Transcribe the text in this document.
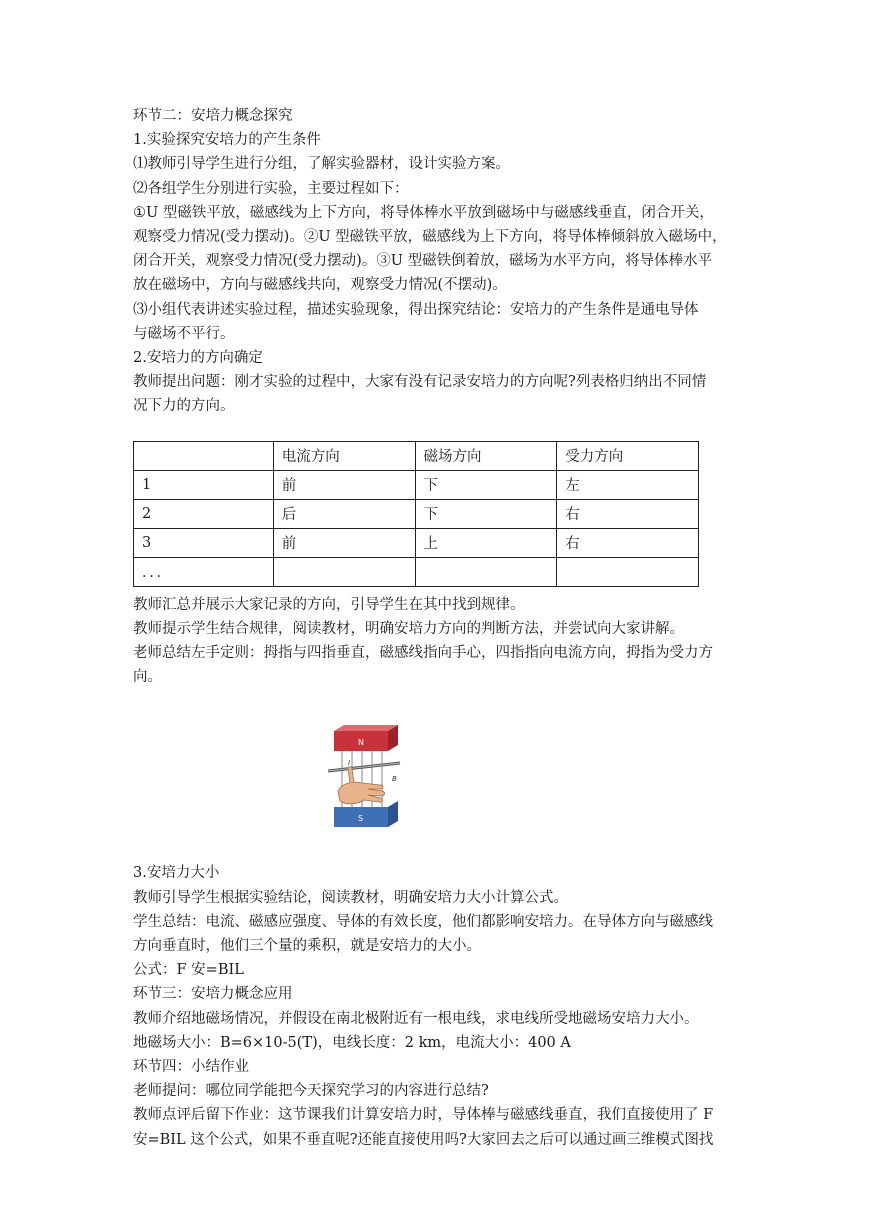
环节二：安培力概念探究
1.实验探究安培力的产生条件
⑴教师引导学生进行分组，了解实验器材，设计实验方案。
⑵各组学生分别进行实验，主要过程如下：
①U 型磁铁平放，磁感线为上下方向，将导体棒水平放到磁场中与磁感线垂直，闭合开关，
观察受力情况(受力摆动)。②U 型磁铁平放，磁感线为上下方向，将导体棒倾斜放入磁场中，
闭合开关，观察受力情况(受力摆动)。③U 型磁铁倒着放，磁场为水平方向，将导体棒水平
放在磁场中，方向与磁感线共向，观察受力情况(不摆动)。
⑶小组代表讲述实验过程，描述实验现象，得出探究结论：安培力的产生条件是通电导体
与磁场不平行。
2.安培力的方向确定
教师提出问题：刚才实验的过程中，大家有没有记录安培力的方向呢?列表格归纳出不同情
况下力的方向。
	电流方向	磁场方向	受力方向
1	前	下	左
2	后	下	右
3	前	上	右
．．．			
教师汇总并展示大家记录的方向，引导学生在其中找到规律。
教师提示学生结合规律，阅读教材，明确安培力方向的判断方法，并尝试向大家讲解。
老师总结左手定则：拇指与四指垂直，磁感线指向手心，四指指向电流方向，拇指为受力方
向。
N
I
B
S
3.安培力大小
教师引导学生根据实验结论，阅读教材，明确安培力大小计算公式。
学生总结：电流、磁感应强度、导体的有效长度，他们都影响安培力。在导体方向与磁感线
方向垂直时，他们三个量的乘积，就是安培力的大小。
公式：F 安=BIL
环节三：安培力概念应用
教师介绍地磁场情况，并假设在南北极附近有一根电线，求电线所受地磁场安培力大小。
地磁场大小：B=6×10-5(T)，电线长度：2 km，电流大小：400 A
环节四：小结作业
老师提问：哪位同学能把今天探究学习的内容进行总结?
教师点评后留下作业：这节课我们计算安培力时，导体棒与磁感线垂直，我们直接使用了 F
安=BIL 这个公式，如果不垂直呢?还能直接使用吗?大家回去之后可以通过画三维模式图找
